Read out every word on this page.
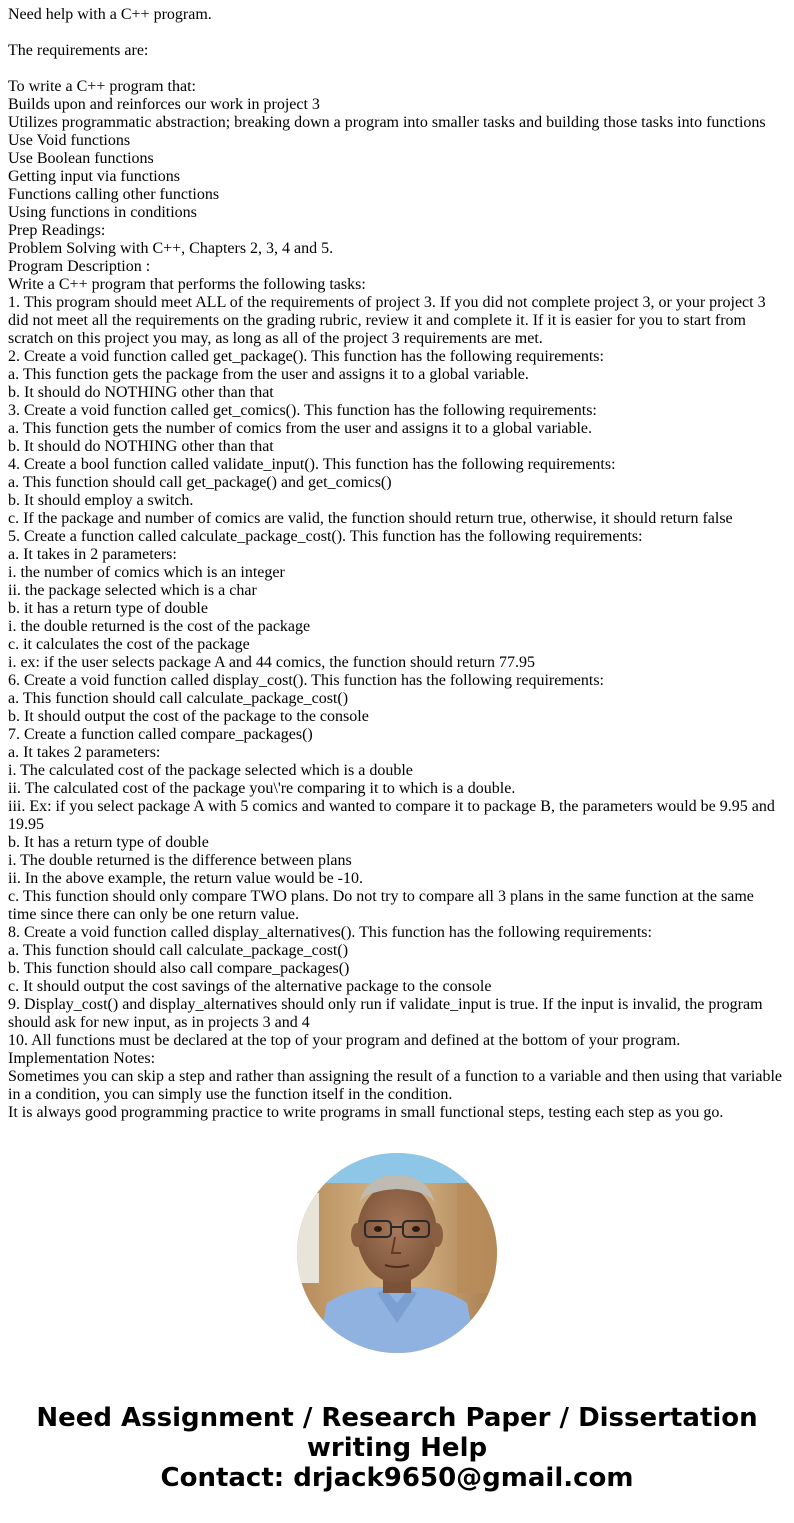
Need help with a C++ program.
The requirements are:
To write a C++ program that:
Builds upon and reinforces our work in project 3
Utilizes programmatic abstraction; breaking down a program into smaller tasks and building those tasks into functions
Use Void functions
Use Boolean functions
Getting input via functions
Functions calling other functions
Using functions in conditions
Prep Readings:
Problem Solving with C++, Chapters 2, 3, 4 and 5.
Program Description :
Write a C++ program that performs the following tasks:
1. This program should meet ALL of the requirements of project 3. If you did not complete project 3, or your project 3
did not meet all the requirements on the grading rubric, review it and complete it. If it is easier for you to start from
scratch on this project you may, as long as all of the project 3 requirements are met.
2. Create a void function called get_package(). This function has the following requirements:
a. This function gets the package from the user and assigns it to a global variable.
b. It should do NOTHING other than that
3. Create a void function called get_comics(). This function has the following requirements:
a. This function gets the number of comics from the user and assigns it to a global variable.
b. It should do NOTHING other than that
4. Create a bool function called validate_input(). This function has the following requirements:
a. This function should call get_package() and get_comics()
b. It should employ a switch.
c. If the package and number of comics are valid, the function should return true, otherwise, it should return false
5. Create a function called calculate_package_cost(). This function has the following requirements:
a. It takes in 2 parameters:
i. the number of comics which is an integer
ii. the package selected which is a char
b. it has a return type of double
i. the double returned is the cost of the package
c. it calculates the cost of the package
i. ex: if the user selects package A and 44 comics, the function should return 77.95
6. Create a void function called display_cost(). This function has the following requirements:
a. This function should call calculate_package_cost()
b. It should output the cost of the package to the console
7. Create a function called compare_packages()
a. It takes 2 parameters:
i. The calculated cost of the package selected which is a double
ii. The calculated cost of the package you\'re comparing it to which is a double.
iii. Ex: if you select package A with 5 comics and wanted to compare it to package B, the parameters would be 9.95 and
19.95
b. It has a return type of double
i. The double returned is the difference between plans
ii. In the above example, the return value would be -10.
c. This function should only compare TWO plans. Do not try to compare all 3 plans in the same function at the same
time since there can only be one return value.
8. Create a void function called display_alternatives(). This function has the following requirements:
a. This function should call calculate_package_cost()
b. This function should also call compare_packages()
c. It should output the cost savings of the alternative package to the console
9. Display_cost() and display_alternatives should only run if validate_input is true. If the input is invalid, the program
should ask for new input, as in projects 3 and 4
10. All functions must be declared at the top of your program and defined at the bottom of your program.
Implementation Notes:
Sometimes you can skip a step and rather than assigning the result of a function to a variable and then using that variable
in a condition, you can simply use the function itself in the condition.
It is always good programming practice to write programs in small functional steps, testing each step as you go.
Need Assignment / Research Paper / Dissertation
writing Help
Contact: drjack9650@gmail.com
